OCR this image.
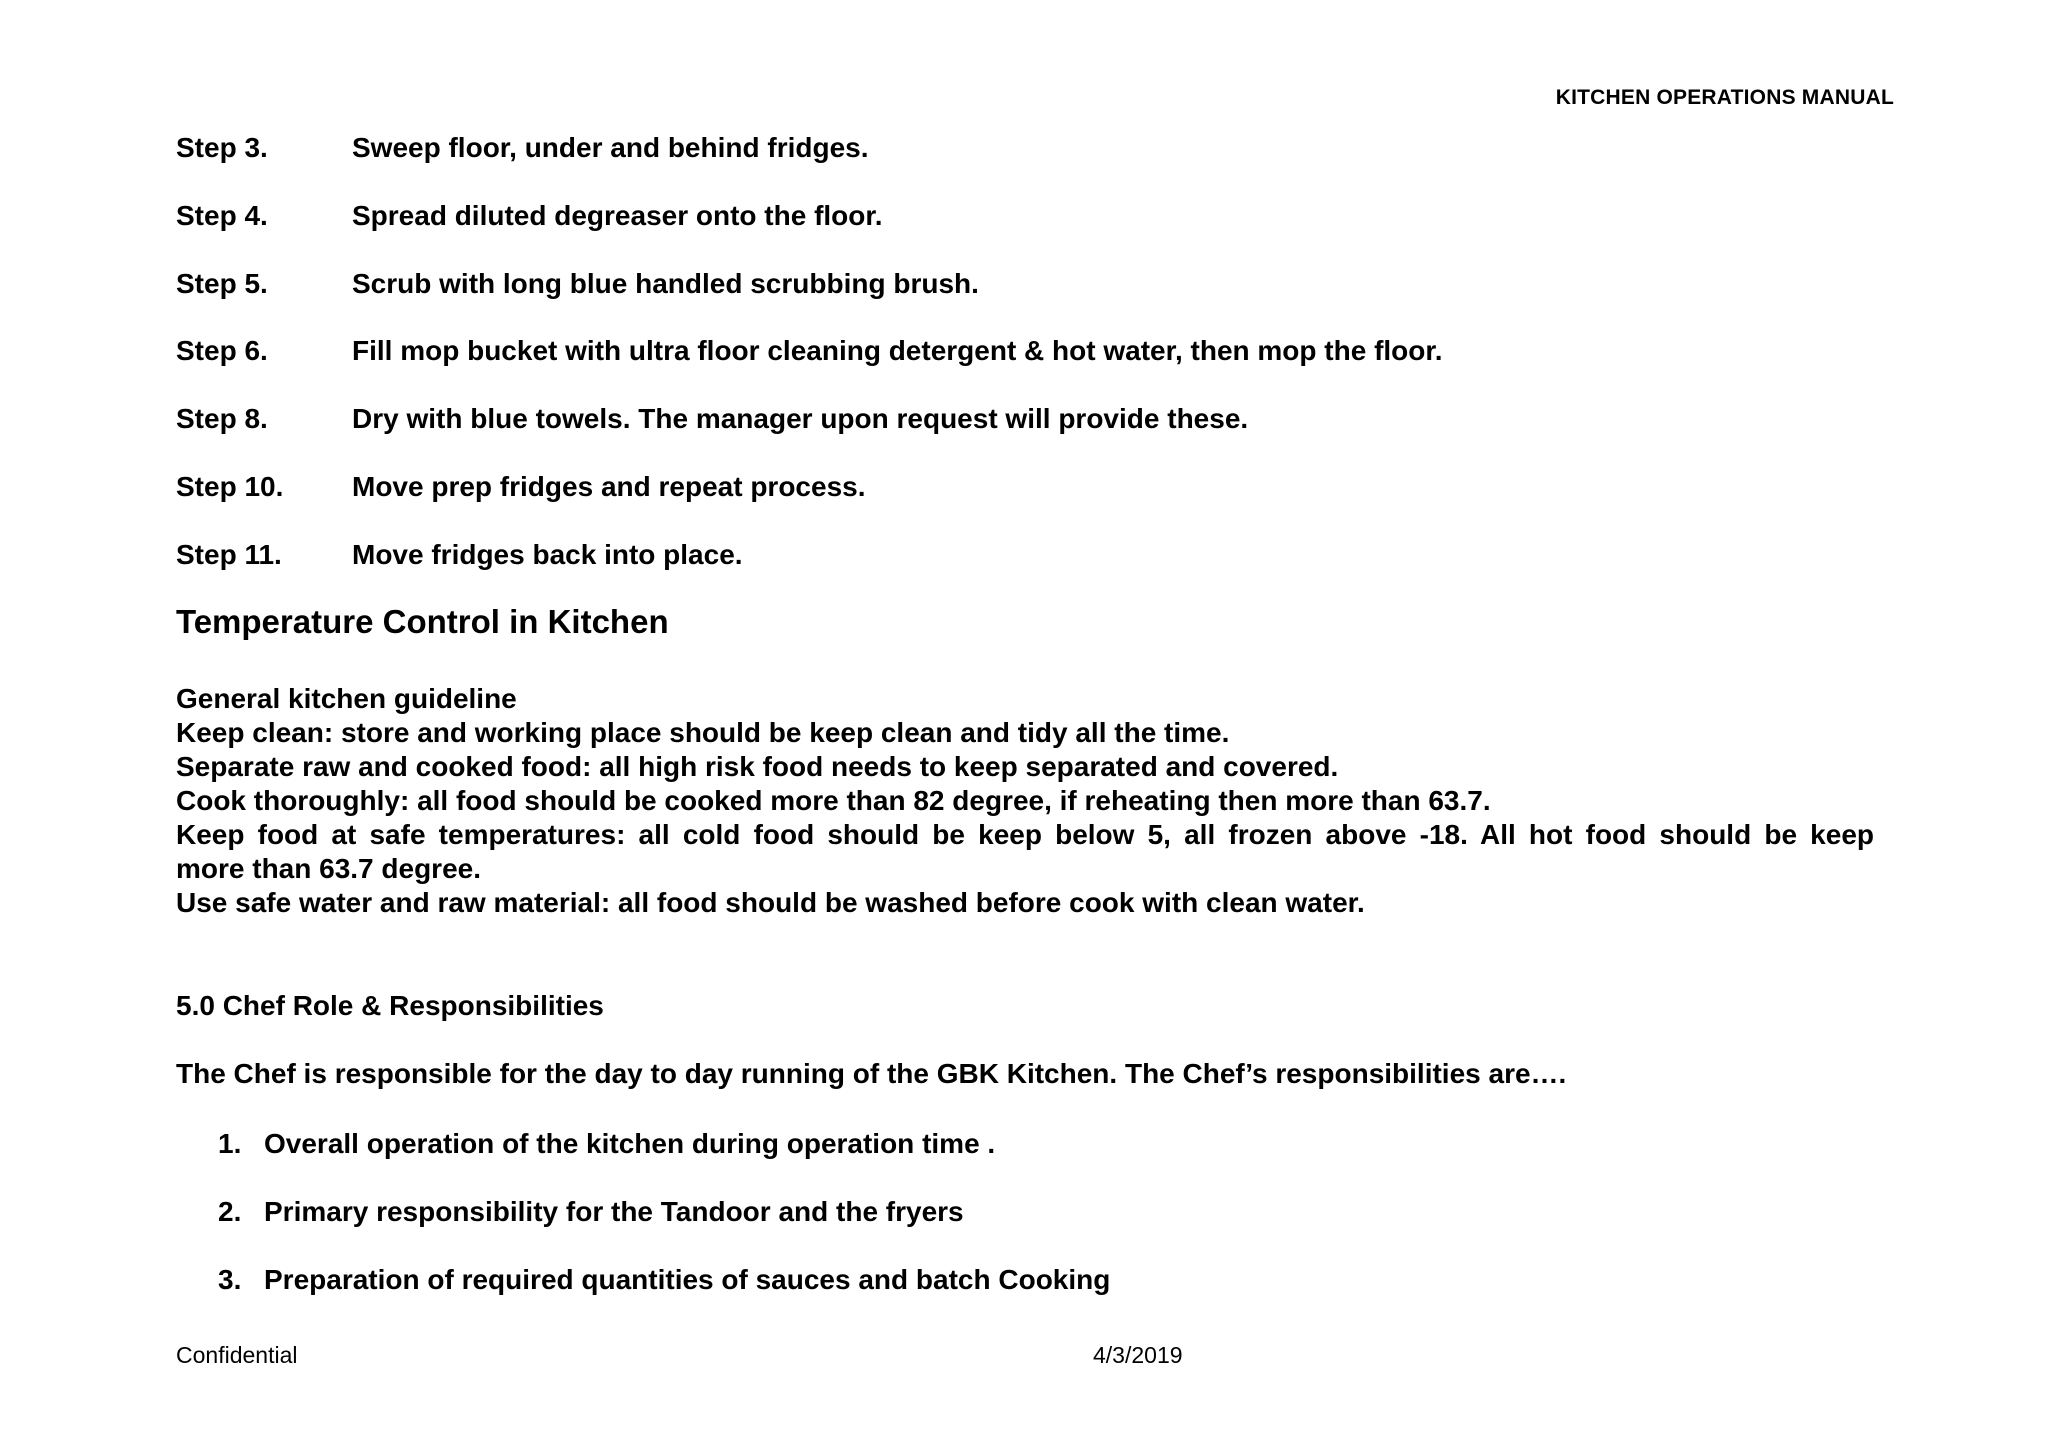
KITCHEN OPERATIONS MANUAL
Step 3.	Sweep floor, under and behind fridges.
Step 4.	Spread diluted degreaser onto the floor.
Step 5.	Scrub with long blue handled scrubbing brush.
Step 6.	Fill mop bucket with ultra floor cleaning detergent & hot water, then mop the floor.
Step 8.	Dry with blue towels. The manager upon request will provide these.
Step 10.	Move prep fridges and repeat process.
Step 11.	Move fridges back into place.
Temperature Control in Kitchen
General kitchen guideline
Keep clean: store and working place should be keep clean and tidy all the time.
Separate raw and cooked food: all high risk food needs to keep separated and covered.
Cook thoroughly: all food should be cooked more than 82 degree, if reheating then more than 63.7.
Keep food at safe temperatures: all cold food should be keep below 5, all frozen above -18. All hot food should be keep
more than 63.7 degree.
Use safe water and raw material: all food should be washed before cook with clean water.
5.0 Chef Role & Responsibilities
The Chef is responsible for the day to day running of the GBK Kitchen. The Chef’s responsibilities are….
1. Overall operation of the kitchen during operation time .
2. Primary responsibility for the Tandoor and the fryers
3. Preparation of required quantities of sauces and batch Cooking
Confidential	4/3/2019
